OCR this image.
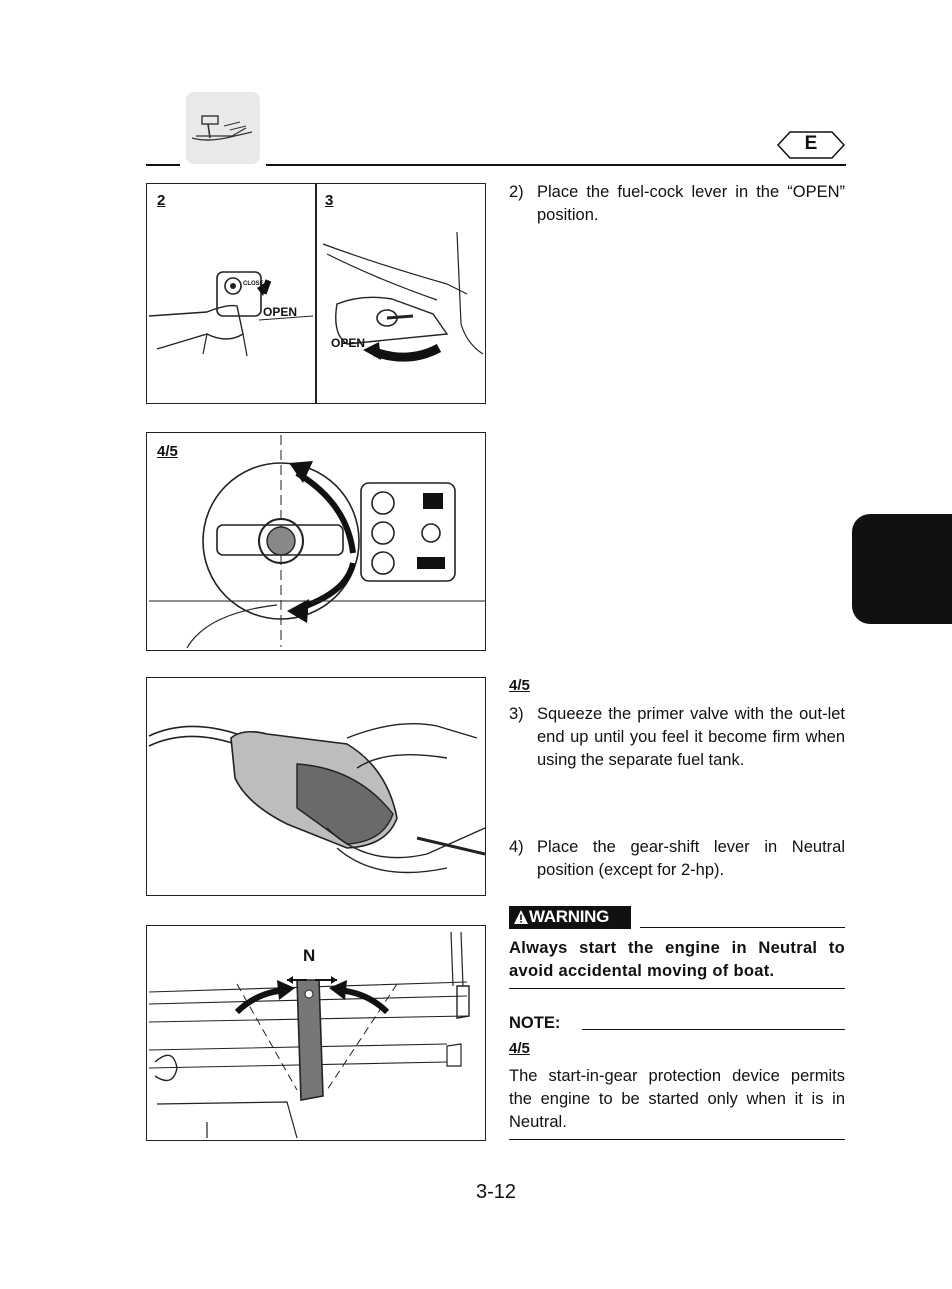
E
2	3
OPEN
CLOSE
OPEN
4/5
N
2) Place the fuel-cock lever in the “OPEN” position.
4/5
3) Squeeze the primer valve with the out-let end up until you feel it become firm when using the separate fuel tank.
4) Place the gear-shift lever in Neutral position (except for 2-hp).
WARNING
Always start the engine in Neutral to avoid accidental moving of boat.
NOTE:
4/5
The start-in-gear protection device permits the engine to be started only when it is in Neutral.
3-12
